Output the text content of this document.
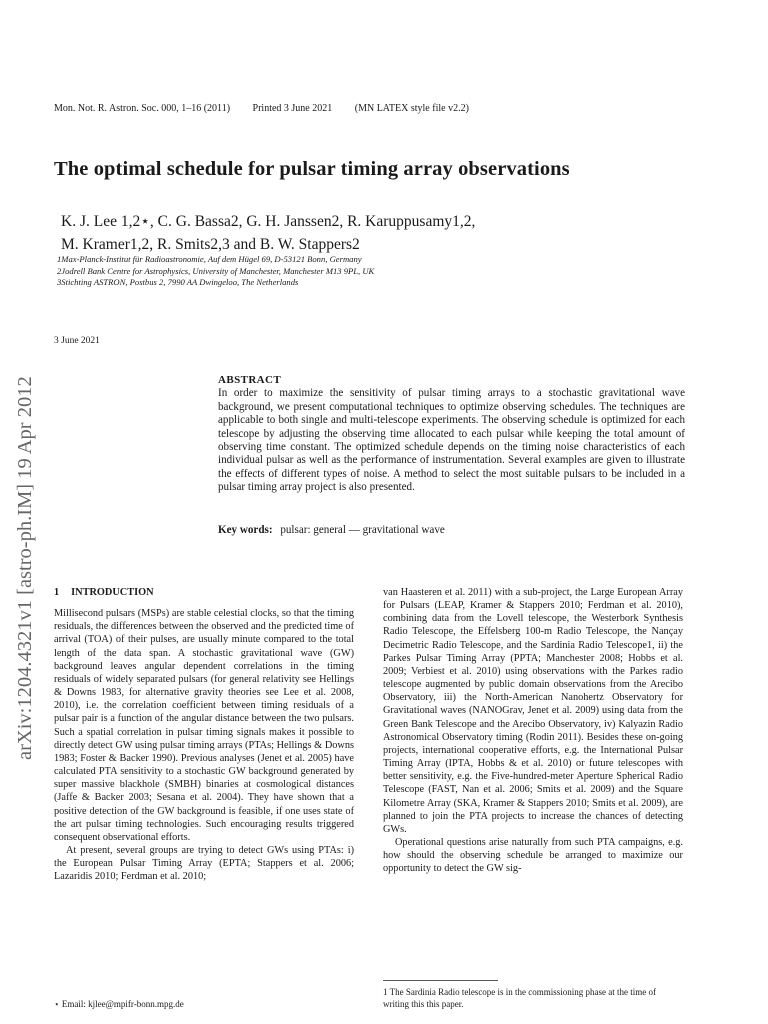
Mon. Not. R. Astron. Soc. 000, 1–16 (2011) Printed 3 June 2021 (MN LATEX style file v2.2)
The optimal schedule for pulsar timing array observations
K. J. Lee 1,2⋆, C. G. Bassa2, G. H. Janssen2, R. Karuppusamy1,2,
M. Kramer1,2, R. Smits2,3 and B. W. Stappers2
1Max-Planck-Institut für Radioastronomie, Auf dem Hügel 69, D-53121 Bonn, Germany
2Jodrell Bank Centre for Astrophysics, University of Manchester, Manchester M13 9PL, UK
3Stichting ASTRON, Postbus 2, 7990 AA Dwingeloo, The Netherlands
arXiv:1204.4321v1 [astro-ph.IM] 19 Apr 2012
3 June 2021
ABSTRACT

In order to maximize the sensitivity of pulsar timing arrays to a stochastic gravitational wave background, we present computational techniques to optimize observing schedules. The techniques are applicable to both single and multi-telescope experiments. The observing schedule is optimized for each telescope by adjusting the observing time allocated to each pulsar while keeping the total amount of observing time constant. The optimized schedule depends on the timing noise characteristics of each individual pulsar as well as the performance of instrumentation. Several examples are given to illustrate the effects of different types of noise. A method to select the most suitable pulsars to be included in a pulsar timing array project is also presented.

Key words: pulsar: general — gravitational wave

1 INTRODUCTION

Millisecond pulsars (MSPs) are stable celestial clocks, so that the timing residuals, the differences between the observed and the predicted time of arrival (TOA) of their pulses, are usually minute compared to the total length of the data span. A stochastic gravitational wave (GW) background leaves angular dependent correlations in the timing residuals of widely separated pulsars (for general relativity see Hellings & Downs 1983, for alternative gravity theories see Lee et al. 2008, 2010), i.e. the correlation coefficient between timing residuals of a pulsar pair is a function of the angular distance between the two pulsars. Such a spatial correlation in pulsar timing signals makes it possible to directly detect GW using pulsar timing arrays (PTAs; Hellings & Downs 1983; Foster & Backer 1990). Previous analyses (Jenet et al. 2005) have calculated PTA sensitivity to a stochastic GW background generated by super massive blackhole (SMBH) binaries at cosmological distances (Jaffe & Backer 2003; Sesana et al. 2004). They have shown that a positive detection of the GW background is feasible, if one uses state of the art pulsar timing technologies. Such encouraging results triggered consequent observational efforts.

At present, several groups are trying to detect GWs using PTAs: i) the European Pulsar Timing Array (EPTA; Stappers et al. 2006; Lazaridis 2010; Ferdman et al. 2010;

van Haasteren et al. 2011) with a sub-project, the Large European Array for Pulsars (LEAP, Kramer & Stappers 2010; Ferdman et al. 2010), combining data from the Lovell telescope, the Westerbork Synthesis Radio Telescope, the Effelsberg 100-m Radio Telescope, the Nançay Decimetric Radio Telescope, and the Sardinia Radio Telescope1, ii) the Parkes Pulsar Timing Array (PPTA; Manchester 2008; Hobbs et al. 2009; Verbiest et al. 2010) using observations with the Parkes radio telescope augmented by public domain observations from the Arecibo Observatory, iii) the North-American Nanohertz Observatory for Gravitational waves (NANOGrav, Jenet et al. 2009) using data from the Green Bank Telescope and the Arecibo Observatory, iv) Kalyazin Radio Astronomical Observatory timing (Rodin 2011). Besides these on-going projects, international cooperative efforts, e.g. the International Pulsar Timing Array (IPTA, Hobbs & et al. 2010) or future telescopes with better sensitivity, e.g. the Five-hundred-meter Aperture Spherical Radio Telescope (FAST, Nan et al. 2006; Smits et al. 2009) and the Square Kilometre Array (SKA, Kramer & Stappers 2010; Smits et al. 2009), are planned to join the PTA projects to increase the chances of detecting GWs.

Operational questions arise naturally from such PTA campaigns, e.g. how should the observing schedule be arranged to maximize our opportunity to detect the GW sig-

⋆ Email: kjlee@mpifr-bonn.mpg.de
1 The Sardinia Radio telescope is in the commissioning phase at the time of writing this this paper.
